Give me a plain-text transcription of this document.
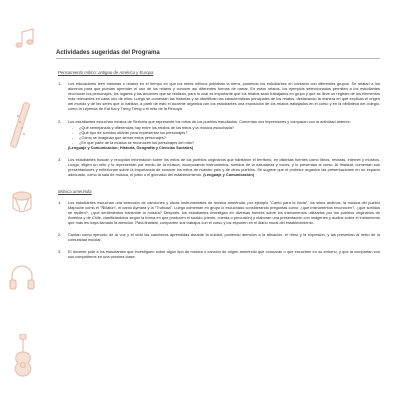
Actividades sugeridas del Programa
Pensamiento mítico: antiguo de América y Europa
1.	Los educadores leen historias o relatos en el tiempo en que los seres míticos poblaban la tierra, poniendo los estudiantes en contacto con diferentes grupos. Se relatan a los alumnos para que puedan aprender el uso de los relatos y conocer así diferentes formas de narrar. En estos relatos, los ejemplos seleccionados permiten a los estudiantes reconocer los personajes, los lugares y las acciones que se realizan, para lo cual es importante que los relatos sean trabajados en grupo y que se lleve un registro de los elementos más relevantes en cada uno de ellos. Luego se comentan las historias y se identifican las características principales de los relatos, destacando la manera en que explican el origen del mundo y de los seres que lo habitan, a partir de esto el docente organiza con los estudiantes una exposición de los relatos trabajados en el curso y en la biblioteca del colegio, como la Leyenda de Kai Kai y Treng Treng o el mito de la Pincoya.
2.	Los estudiantes escuchan música de Sinfonía que represente los mitos de los pueblos estudiados. Comentan sus impresiones y comparan con la actividad anterior:
-	¿Qué semejanzas y diferencias hay entre los relatos de los mitos y la música escuchada?
-	¿Qué tipo de sonidos utilizan para representar los personajes?
-	¿Cómo se imaginan que serían estos personajes?
-	¿En qué parte de la música se reconocen los personajes del mito?
(Lenguaje y Comunicación; Historia, Geografía y Ciencias Sociales)
3.	Los estudiantes buscan y recopilan información sobre los mitos de los pueblos originarios que habitaron el territorio, en distintas fuentes como libros, revistas, internet y museos. Luego, eligen un mito y lo representan por medio de la música, incorporando instrumentos, sonidos de la naturaleza y voces, y lo presentan al curso. Al finalizar, comentan sus presentaciones y reflexionan sobre la importancia de conocer los mitos de nuestro país y de otros pueblos. Se sugiere que el profesor organice las presentaciones en un espacio adecuado, como la sala de música, el patio o el gimnasio del establecimiento. (Lenguaje y Comunicación)
Música amerindia
1.	Los estudiantes escuchan una selección de canciones y obras instrumentales de música amerindia, por ejemplo "Canto para la lluvia", los sikus andinos, la música del pueblo Mapuche como el "Ñillatún", el canto Aymara y la "Trutruka". Luego comentan en grupo lo escuchado considerando preguntas como: ¿qué instrumentos reconocen?, ¿qué sonidos se repiten?, ¿qué sentimientos transmite la música? Después, los estudiantes investigan en diversas fuentes sobre los instrumentos utilizados por los pueblos originarios de América y de Chile, clasificándolos según la forma en que producen el sonido (viento, cuerda o percusión) y elaboran una presentación con imágenes y audios sobre el instrumento que más les haya llamado la atención. Para finalizar, comparten sus trabajos con el curso y los exponen en el diario mural del establecimiento.
2.	Cantan como ejercicio de la voz y el oído las canciones aprendidas durante la unidad, poniendo atención a la afinación, el ritmo y la expresión, y las presentan al resto de la comunidad escolar.
3.	El docente pide a los estudiantes que investiguen sobre algún tipo de música o canción de origen amerindio que conozcan o que escuchen en su entorno, y que la compartan con sus compañeros en una próxima clase.
